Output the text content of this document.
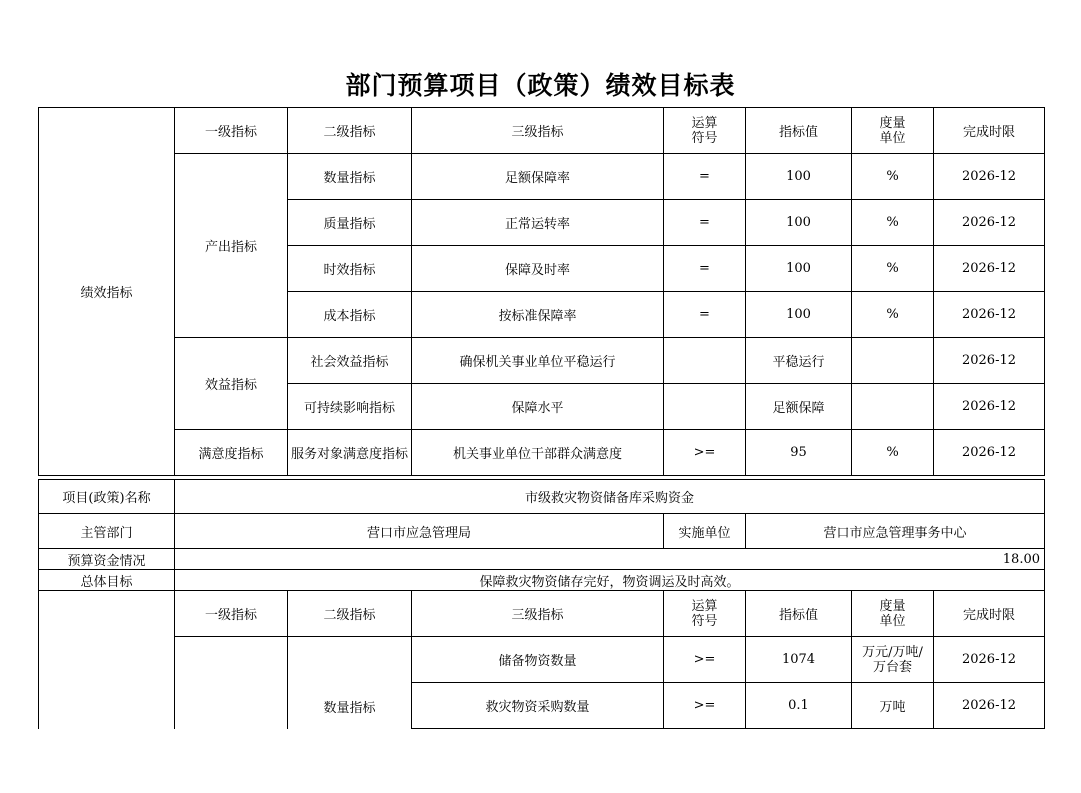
部门预算项目（政策）绩效目标表
绩效指标	一级指标	二级指标	三级指标	运算符号	指标值	度量单位	完成时限
	产出指标	数量指标	足额保障率	=	100	%	2026-12
		质量指标	正常运转率	=	100	%	2026-12
		时效指标	保障及时率	=	100	%	2026-12
		成本指标	按标准保障率	=	100	%	2026-12
	效益指标	社会效益指标	确保机关事业单位平稳运行		平稳运行		2026-12
		可持续影响指标	保障水平		足额保障		2026-12
	满意度指标	服务对象满意度指标	机关事业单位干部群众满意度	>=	95	%	2026-12
项目(政策)名称	市级救灾物资储备库采购资金						
主管部门	营口市应急管理局			实施单位	营口市应急管理事务中心		
预算资金情况	18.00						
总体目标	保障救灾物资储存完好，物资调运及时高效。						
	一级指标	二级指标	三级指标	运算符号	指标值	度量单位	完成时限
		数量指标	储备物资数量	>=	1074	万元/万吨/万台套	2026-12
			救灾物资采购数量	>=	0.1	万吨	2026-12
